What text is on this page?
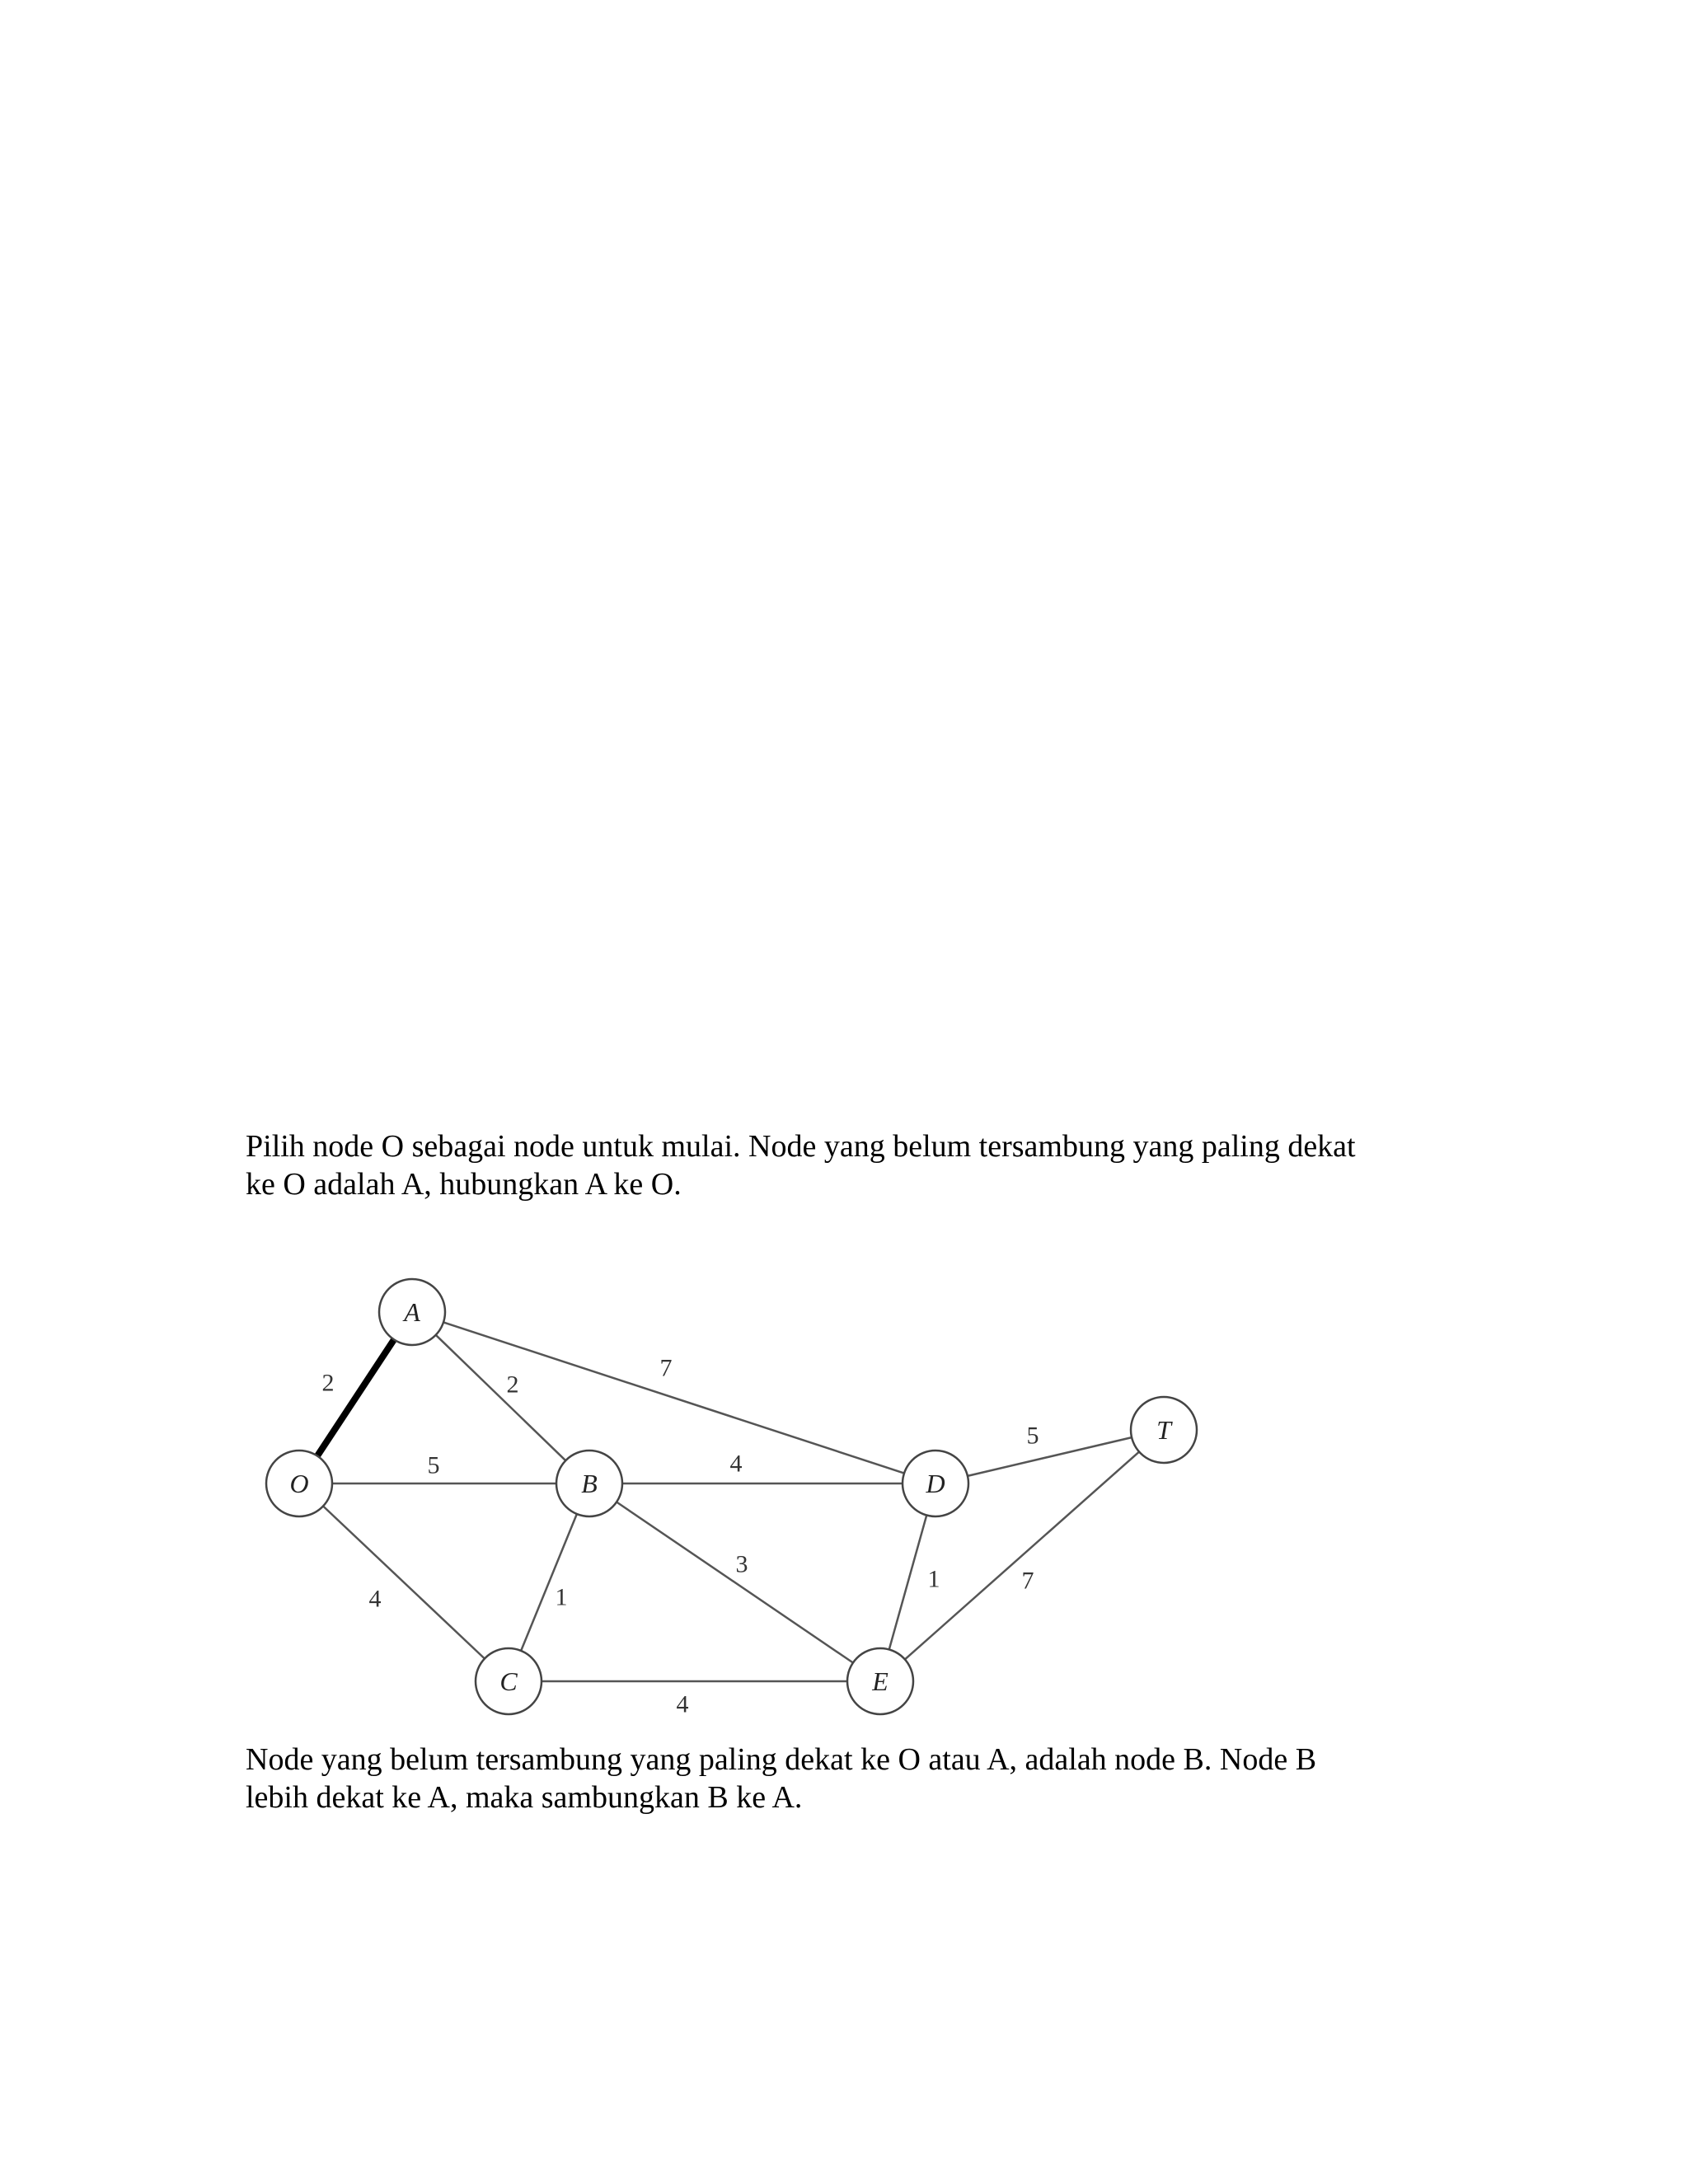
Pilih node O sebagai node untuk mulai. Node yang belum tersambung yang paling dekat
ke O adalah A, hubungkan A ke O.

2
5
4
2
7
4
1
3
4
1
5
7
O
A
B
C
D
E
T

Node yang belum tersambung yang paling dekat ke O atau A, adalah node B. Node B
lebih dekat ke A, maka sambungkan B ke A.
